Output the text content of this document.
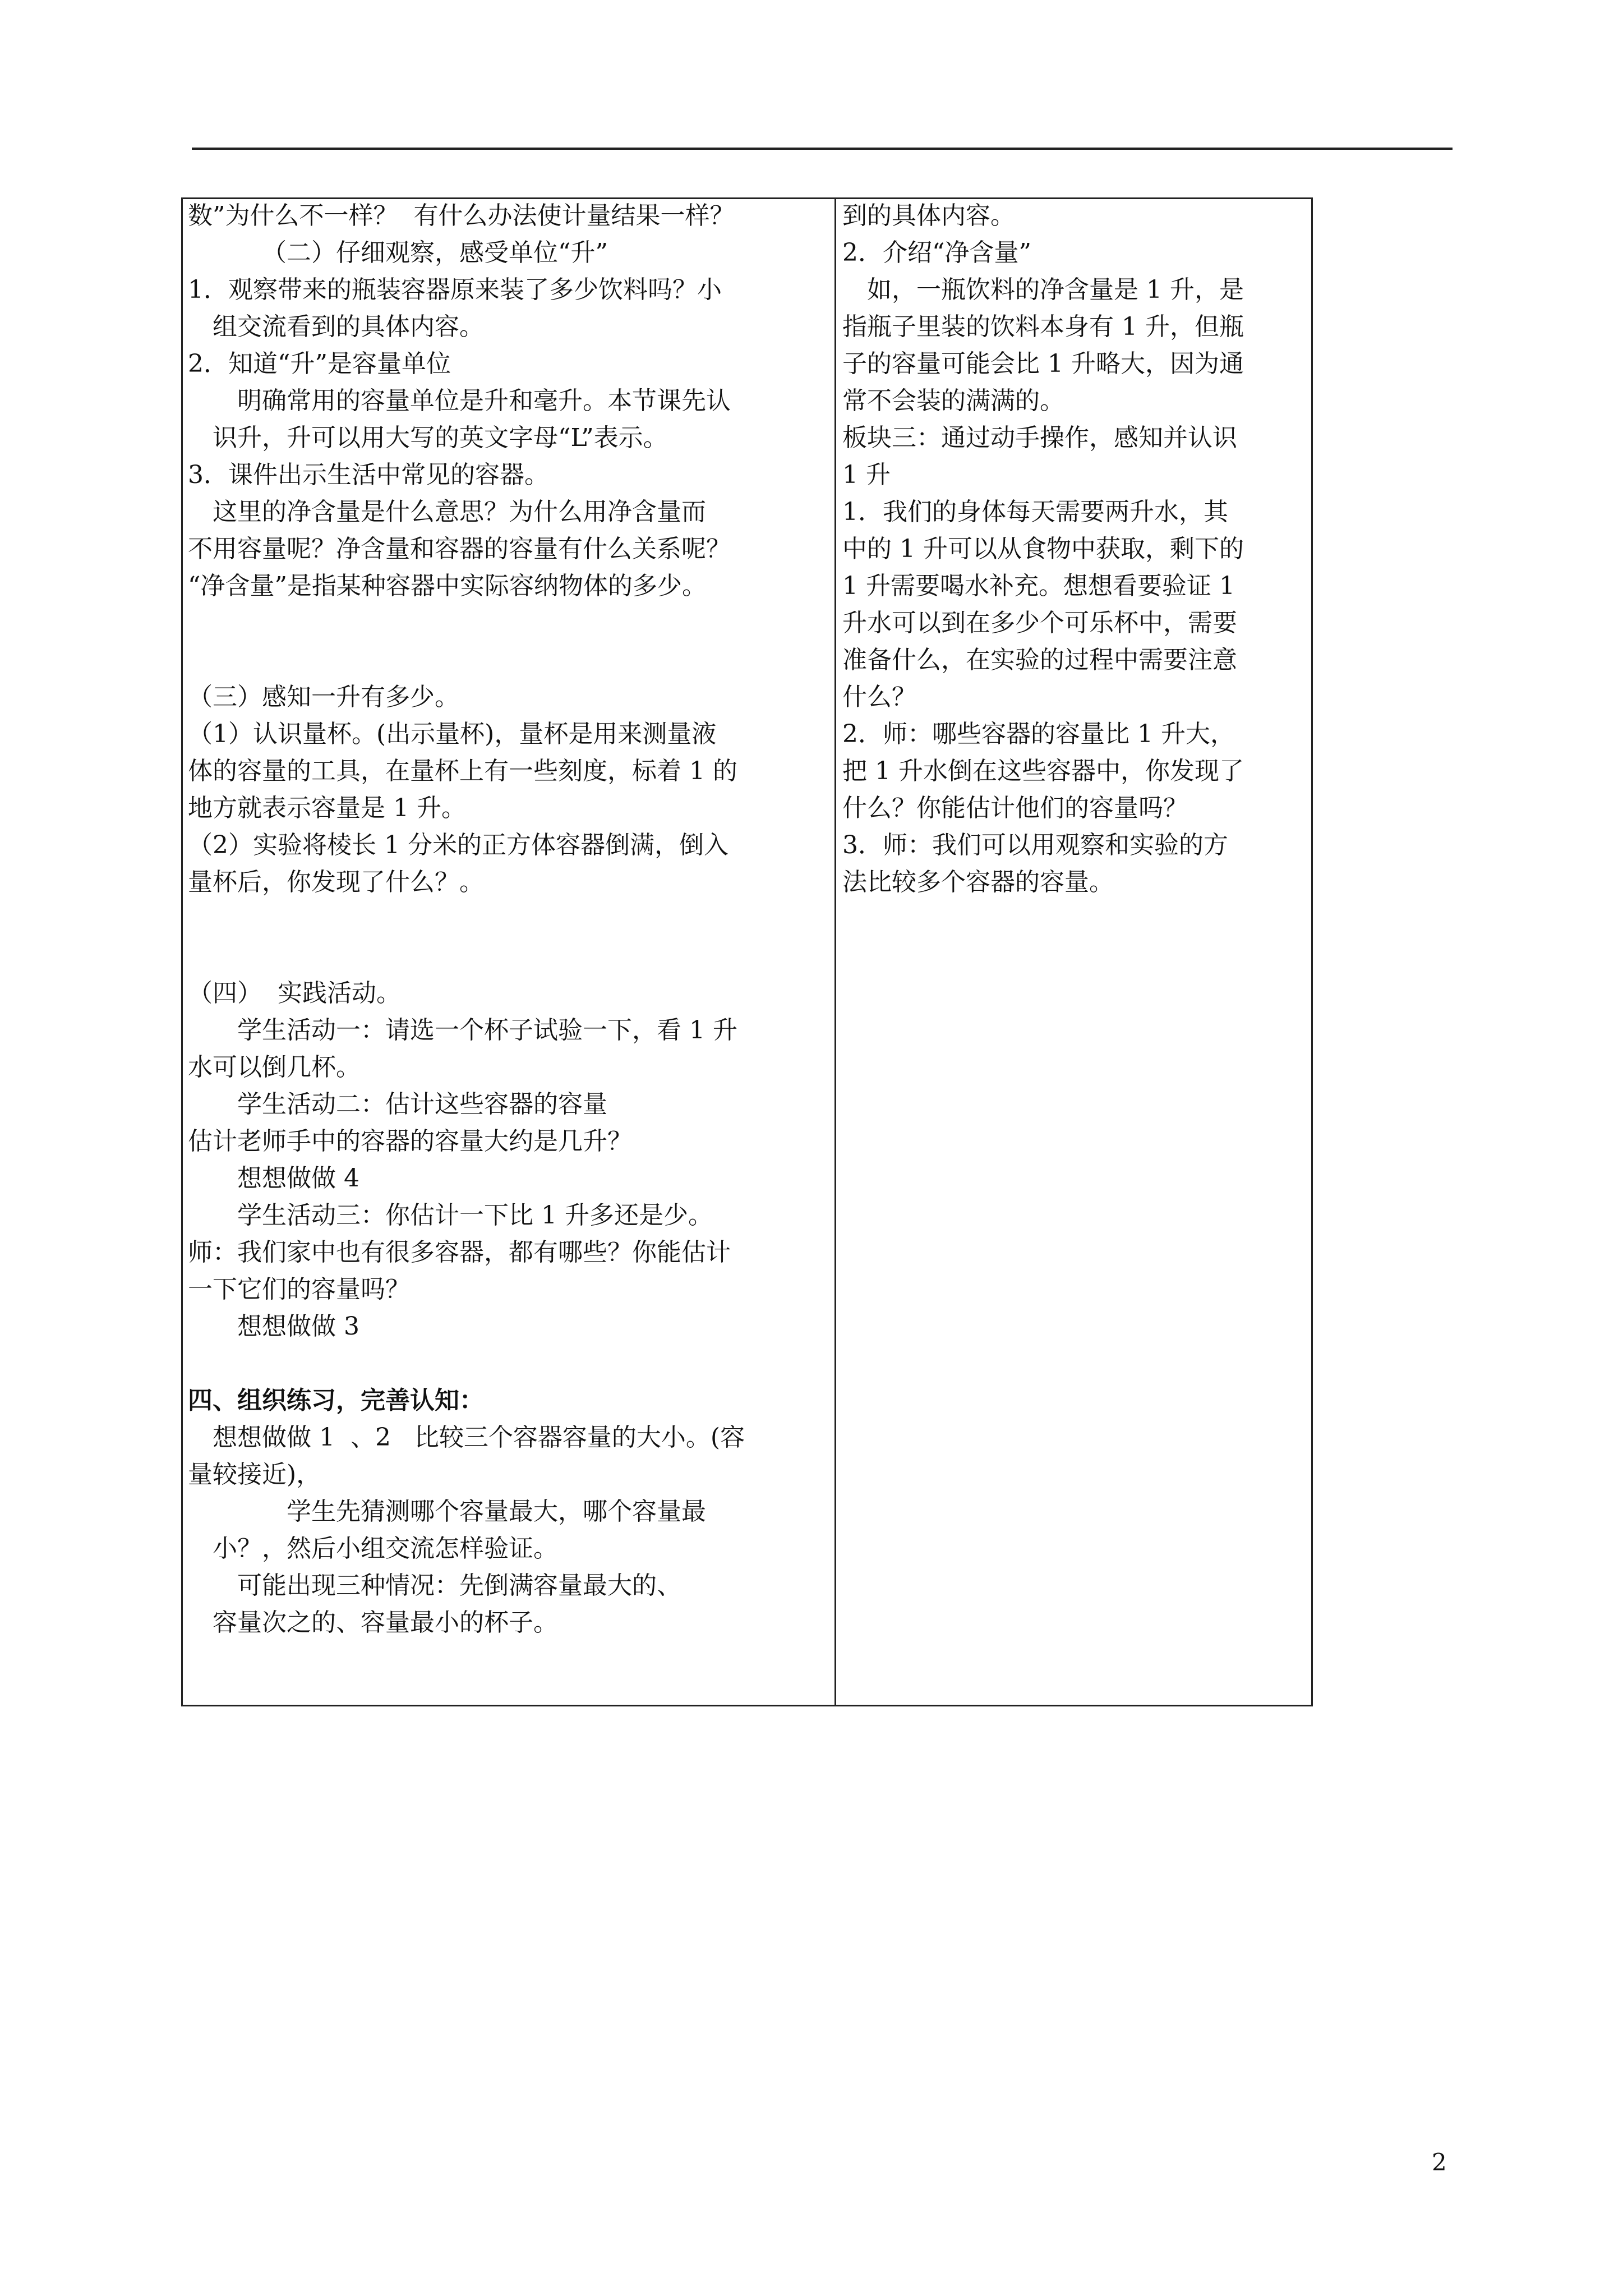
数”为什么不一样？  有什么办法使计量结果一样？
（二）仔细观察，感受单位“升”
1．观察带来的瓶装容器原来装了多少饮料吗？小
组交流看到的具体内容。
2．知道“升”是容量单位
明确常用的容量单位是升和毫升。本节课先认
识升，升可以用大写的英文字母“L”表示。
3．课件出示生活中常见的容器。
这里的净含量是什么意思？为什么用净含量而
不用容量呢？净含量和容器的容量有什么关系呢？
“净含量”是指某种容器中实际容纳物体的多少。
（三）感知一升有多少。
（1）认识量杯。(出示量杯)，量杯是用来测量液
体的容量的工具，在量杯上有一些刻度，标着 1 的
地方就表示容量是 1 升。
（2）实验将棱长 1 分米的正方体容器倒满，倒入
量杯后，你发现了什么？。
（四）  实践活动。
学生活动一：请选一个杯子试验一下，看 1 升
水可以倒几杯。
学生活动二：估计这些容器的容量
估计老师手中的容器的容量大约是几升？
想想做做 4
学生活动三：你估计一下比 1 升多还是少。
师：我们家中也有很多容器，都有哪些？你能估计
一下它们的容量吗？
想想做做 3
四、组织练习，完善认知：
想想做做 1  、2   比较三个容器容量的大小。(容
量较接近)，
学生先猜测哪个容量最大，哪个容量最
小？，然后小组交流怎样验证。
可能出现三种情况：先倒满容量最大的、
容量次之的、容量最小的杯子。
到的具体内容。
2．介绍“净含量”
如，一瓶饮料的净含量是 1 升，是
指瓶子里装的饮料本身有 1 升，但瓶
子的容量可能会比 1 升略大，因为通
常不会装的满满的。
板块三：通过动手操作，感知并认识
1 升
1．我们的身体每天需要两升水，其
中的 1 升可以从食物中获取，剩下的
1 升需要喝水补充。想想看要验证 1
升水可以到在多少个可乐杯中，需要
准备什么，在实验的过程中需要注意
什么？
2．师：哪些容器的容量比 1 升大，
把 1 升水倒在这些容器中，你发现了
什么？你能估计他们的容量吗？
3．师：我们可以用观察和实验的方
法比较多个容器的容量。
2
